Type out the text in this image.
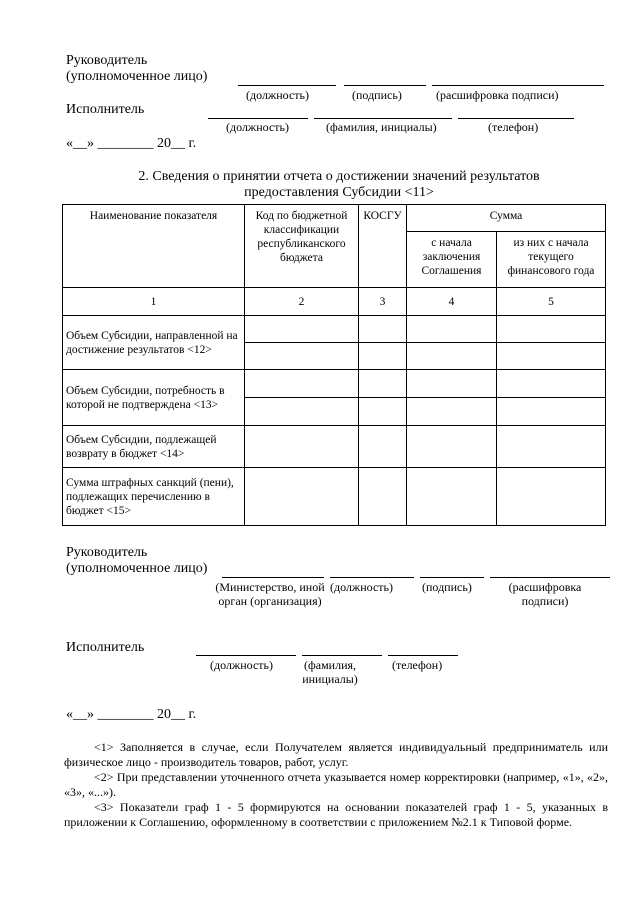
Руководитель
(уполномоченное лицо)
(должность)	(подпись)	(расшифровка подписи)
Исполнитель
(должность)	(фамилия, инициалы)	(телефон)
«__» ________ 20__ г.
2. Сведения о принятии отчета о достижении значений результатов
предоставления Субсидии <11>
Наименование показателя	Код по бюджетной классификации республиканского бюджета	КОСГУ	Сумма	
			с начала заключения Соглашения	из них с начала текущего финансового года
1	2	3	4	5
Объем Субсидии, направленной на достижение результатов <12>				

Объем Субсидии, потребность в которой не подтверждена <13>				

Объем Субсидии, подлежащей возврату в бюджет <14>				
Сумма штрафных санкций (пени), подлежащих перечислению в бюджет <15>				
Руководитель
(уполномоченное лицо)
(Министерство, иной орган (организация)
(должность) (подпись)	(расшифровка подписи)
Исполнитель
(должность)	(фамилия, инициалы)
(телефон)
«__» ________ 20__ г.

<1> Заполняется в случае, если Получателем является индивидуальный предприниматель или физическое лицо - производитель товаров, работ, услуг.

<2> При представлении уточненного отчета указывается номер корректировки (например, «1», «2», «3», «...»).

<3> Показатели граф 1 - 5 формируются на основании показателей граф 1 - 5, указанных в приложении к Соглашению, оформленному в соответствии с приложением №2.1 к Типовой форме.
